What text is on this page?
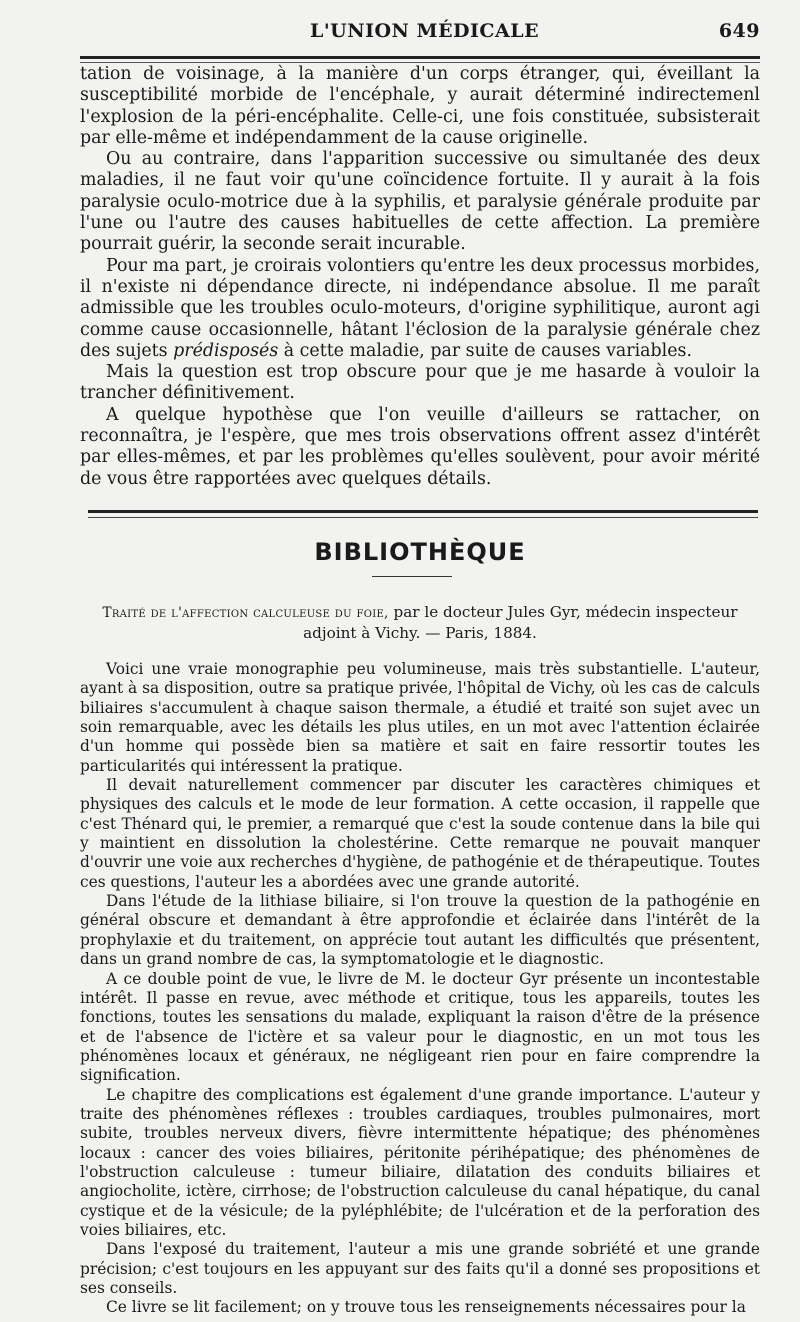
L'UNION MÉDICALE	649

tation de voisinage, à la manière d'un corps étranger, qui, éveillant la susceptibilité morbide de l'encéphale, y aurait déterminé indirectemenl l'explosion de la péri-encéphalite. Celle-ci, une fois constituée, subsisterait par elle-même et indépendamment de la cause originelle.

Ou au contraire, dans l'apparition successive ou simultanée des deux maladies, il ne faut voir qu'une coïncidence fortuite. Il y aurait à la fois paralysie oculo-motrice due à la syphilis, et paralysie générale produite par l'une ou l'autre des causes habituelles de cette affection. La première pourrait guérir, la seconde serait incurable.

Pour ma part, je croirais volontiers qu'entre les deux processus morbides, il n'existe ni dépendance directe, ni indépendance absolue. Il me paraît admissible que les troubles oculo-moteurs, d'origine syphilitique, auront agi comme cause occasionnelle, hâtant l'éclosion de la paralysie générale chez des sujets prédisposés à cette maladie, par suite de causes variables.

Mais la question est trop obscure pour que je me hasarde à vouloir la trancher définitivement.

A quelque hypothèse que l'on veuille d'ailleurs se rattacher, on reconnaîtra, je l'espère, que mes trois observations offrent assez d'intérêt par elles-mêmes, et par les problèmes qu'elles soulèvent, pour avoir mérité de vous être rapportées avec quelques détails.

BIBLIOTHÈQUE
Traité de l'affection calculeuse du foie, par le docteur Jules Gyr, médecin inspecteur adjoint à Vichy. — Paris, 1884.

Voici une vraie monographie peu volumineuse, mais très substantielle. L'auteur, ayant à sa disposition, outre sa pratique privée, l'hôpital de Vichy, où les cas de calculs biliaires s'accumulent à chaque saison thermale, a étudié et traité son sujet avec un soin remarquable, avec les détails les plus utiles, en un mot avec l'attention éclairée d'un homme qui possède bien sa matière et sait en faire ressortir toutes les particularités qui intéressent la pratique.

Il devait naturellement commencer par discuter les caractères chimiques et physiques des calculs et le mode de leur formation. A cette occasion, il rappelle que c'est Thénard qui, le premier, a remarqué que c'est la soude contenue dans la bile qui y maintient en dissolution la cholestérine. Cette remarque ne pouvait manquer d'ouvrir une voie aux recherches d'hygiène, de pathogénie et de thérapeutique. Toutes ces questions, l'auteur les a abordées avec une grande autorité.

Dans l'étude de la lithiase biliaire, si l'on trouve la question de la pathogénie en général obscure et demandant à être approfondie et éclairée dans l'intérêt de la prophylaxie et du traitement, on apprécie tout autant les difficultés que présentent, dans un grand nombre de cas, la symptomatologie et le diagnostic.

A ce double point de vue, le livre de M. le docteur Gyr présente un incontestable intérêt. Il passe en revue, avec méthode et critique, tous les appareils, toutes les fonctions, toutes les sensations du malade, expliquant la raison d'être de la présence et de l'absence de l'ictère et sa valeur pour le diagnostic, en un mot tous les phénomènes locaux et généraux, ne négligeant rien pour en faire comprendre la signification.

Le chapitre des complications est également d'une grande importance. L'auteur y traite des phénomènes réflexes : troubles cardiaques, troubles pulmonaires, mort subite, troubles nerveux divers, fièvre intermittente hépatique; des phénomènes locaux : cancer des voies biliaires, péritonite périhépatique; des phénomènes de l'obstruction calculeuse : tumeur biliaire, dilatation des conduits biliaires et angiocholite, ictère, cirrhose; de l'obstruction calculeuse du canal hépatique, du canal cystique et de la vésicule; de la pyléphlébite; de l'ulcération et de la perforation des voies biliaires, etc.

Dans l'exposé du traitement, l'auteur a mis une grande sobriété et une grande précision; c'est toujours en les appuyant sur des faits qu'il a donné ses propositions et ses conseils.

Ce livre se lit facilement; on y trouve tous les renseignements nécessaires pour la
